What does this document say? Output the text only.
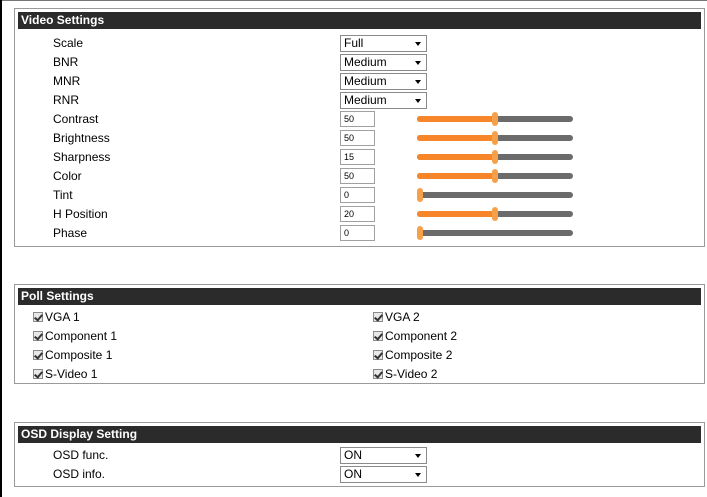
Video Settings
Scale	Full
BNR	Medium
MNR	Medium
RNR	Medium
Contrast	50
Brightness	50
Sharpness	15
Color	50
Tint	0
H Position	20
Phase	0
Poll Settings
VGA 1	VGA 2
Component 1	Component 2
Composite 1	Composite 2
S-Video 1	S-Video 2
OSD Display Setting
OSD func.	ON
OSD info.	ON
